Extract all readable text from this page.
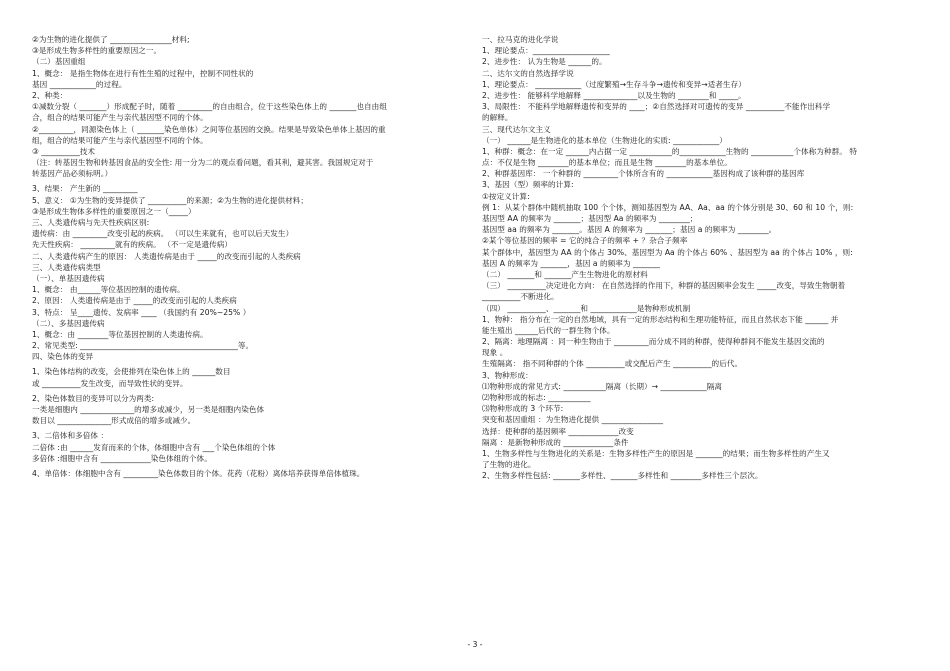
②为生物的进化提供了 ________________材料;
③是形成生物多样性的重要原因之一。
（二）基因重组
1、概念： 是指生物体在进行有性生殖的过程中，控制不同性状的
基因 ____________的过程。
2、种类：
①减数分裂（ _______）形成配子时，随着 _________的自由组合，位于这些染色体上的 _______也自由组
合，组合的结果可能产生与亲代基因型不同的个体。
②_________，同源染色体上（ _______染色单体）之间等位基因的交换。结果是导致染色单体上基因的重
组，组合的结果可能产生与亲代基因型不同的个体。
③ __________技术
（注：转基因生物和转基因食品的安全性: 用一分为二的观点看问题，看其利，避其害。我国规定对于
转基因产品必须标明。）
3、结果： 产生新的 _________
5、意义： ①为生物的变异提供了 __________的来源；②为生物的进化提供材料；
③是形成生物体多样性的重要原因之一（_____）
三、人类遗传病与先天性疾病区别:
遗传病：由 _________改变引起的疾病。 （可以生来就有，也可以后天发生）
先天性疾病： _________就有的疾病。 （不一定是遗传病）
二、人类遗传病产生的原因： 人类遗传病是由于 _____的改变而引起的人类疾病
三、人类遗传病类型
（一）、单基因遗传病
1、概念： 由______等位基因控制的遗传病。
2、原因： 人类遗传病是由于 _____的改变而引起的人类疾病
3、特点： 呈____遗传、发病率 ____ （我国约有 20%~25% ）
（二）、多基因遗传病
1、概念：由 ________等位基因控制的人类遗传病。
2、常见类型: _________________________________________等。
四、染色体的变异
1、染色体结构的改变，会使排列在染色体上的 ______数目
或 __________发生改变，而导致性状的变异。
2、染色体数目的变异可以分为两类:
一类是细胞内 ______________的增多或减少，另一类是细胞内染色体
数目以 ______________形式成倍的增多或减少。
3、二倍体和多倍体 ：
二倍体 :由 ______发育而来的个体，体细胞中含有 ___个染色体组的个体
多倍体 :细胞中含有 _____________染色体组的个体。
4、单倍体：体细胞中含有 _________染色体数目的个体。花药（花粉）离体培养获得单倍体植珠。
一、拉马克的进化学说
1、理论要点：____________________
2、进步性： 认为生物是 ______的。
二、达尔文的自然选择学说
1、理论要点： ____________（过度繁殖→生存斗争→遗传和变异→适者生存）
2、进步性： 能够科学地解释 ______________以及生物的 ________和 _____。
3、局限性： 不能科学地解释遗传和变异的 ____；②自然选择对可遗传的变异 __________不能作出科学
的解释。
三、现代达尔文主义
（一） ______是生物进化的基本单位（生物进化的实质: ____________）
1、种群：概念：在一定 ______内占据一定 ___________的____________生物的 ___________个体称为种群。 特
点：不仅是生物 ________的基本单位；而且是生物 ________的基本单位。
2、种群基因库： 一个种群的 _________个体所含有的 ____________基因构成了该种群的基因库
3、基因（型）频率的计算:
①按定义计算:
例 1：从某个群体中随机抽取 100 个个体，测知基因型为 AA、Aa、aa 的个体分别是 30、60 和 10 个，则:
基因型 AA 的频率为 _______；基因型 Aa 的频率为 ________；
基因型 aa 的频率为 _______。基因 A 的频率为 _______；基因 a 的频率为 ________。
②某个等位基因的频率 = 它的纯合子的频率 + ？杂合子频率
某个群体中，基因型为 AA 的个体占 30%、基因型为 Aa 的个体占 60% 、基因型为 aa 的个体占 10% ，则:
基因 A 的频率为 _______，基因 a 的频率为 _______
（二） _______和 _______产生生物进化的原材料
（三） __________决定进化方向： 在自然选择的作用下，种群的基因频率会发生 _____改变，导致生物朝着
__________不断进化。
（四） __________、_______和 ____________是物种形成机制
1、物种： 指分布在一定的自然地域，具有一定的形态结构和生理功能特征，而且自然状态下能 ______ 并
能生殖出 ______后代的一群生物个体。
2、隔离：地理隔离 ：同一种生物由于 _________而分成不同的种群，使得种群间不能发生基因交流的
现象 。
生殖隔离： 指不同种群的个体 __________或交配后产生 __________的后代。
3、物种形成：
⑴物种形成的常见方式: ___________隔离（长期）→ ____________隔离
⑵物种形成的标志: ___________
⑶物种形成的 3 个环节:
突变和基因重组 ：为生物进化提供 ________________
选择：使种群的基因频率 _____________改变
隔离 ：是新物种形成的 _____________条件
1、生物多样性与生物进化的关系是：生物多样性产生的原因是 _______的结果；而生物多样性的产生又
了生物的进化。
2、生物多样性包括: _______多样性、_______多样性和 ________多样性三个层次。
- 3 -
